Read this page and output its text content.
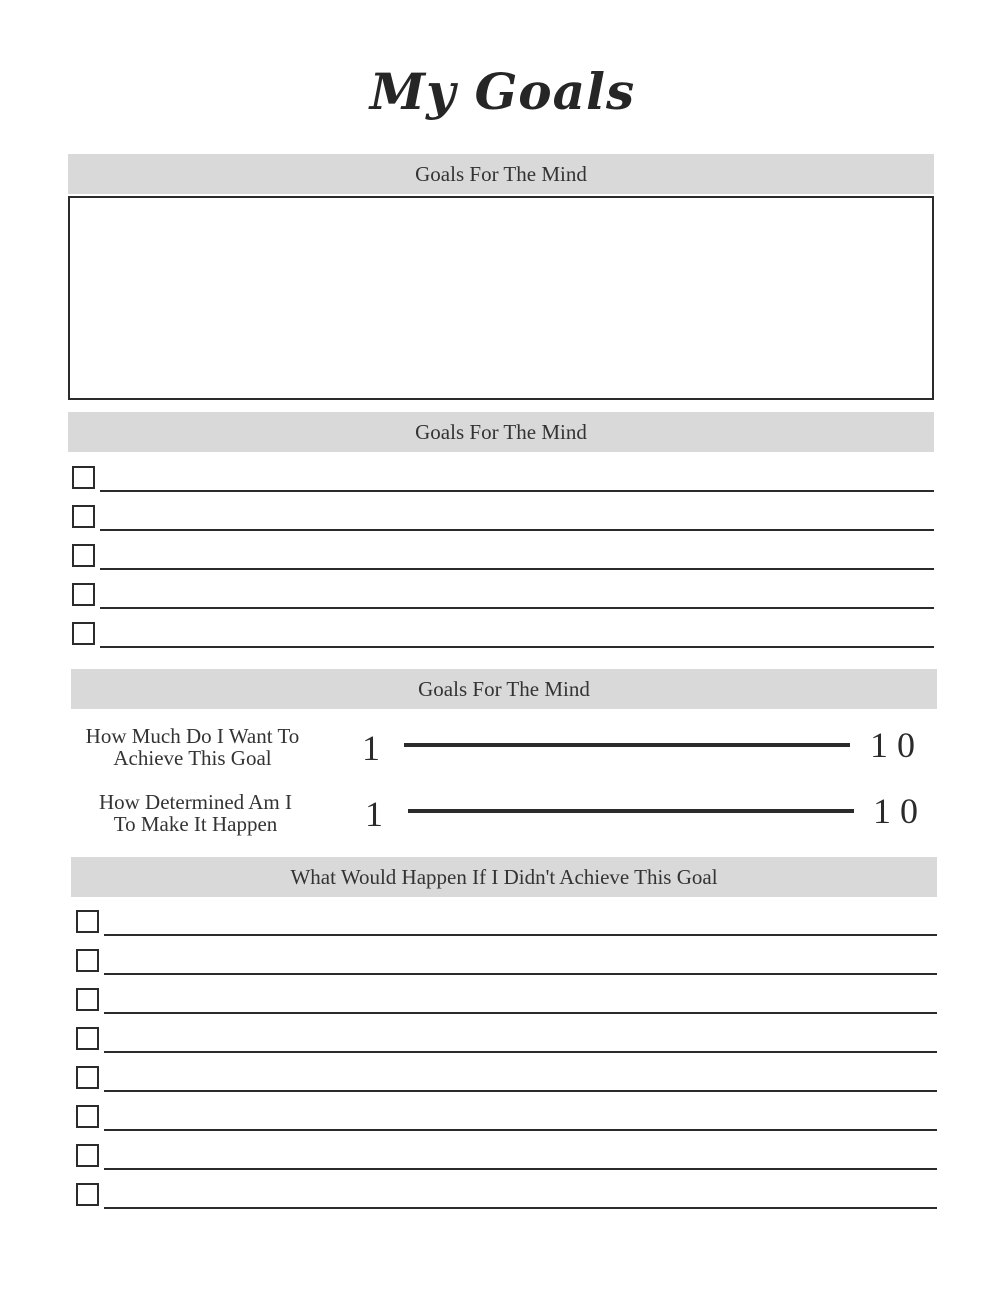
My Goals
Goals For The Mind
Goals For The Mind
Goals For The Mind
How Much Do I Want To
Achieve This Goal	1	1 0
How Determined Am I
To Make It Happen	1	1 0
What Would Happen If I Didn't Achieve This Goal
